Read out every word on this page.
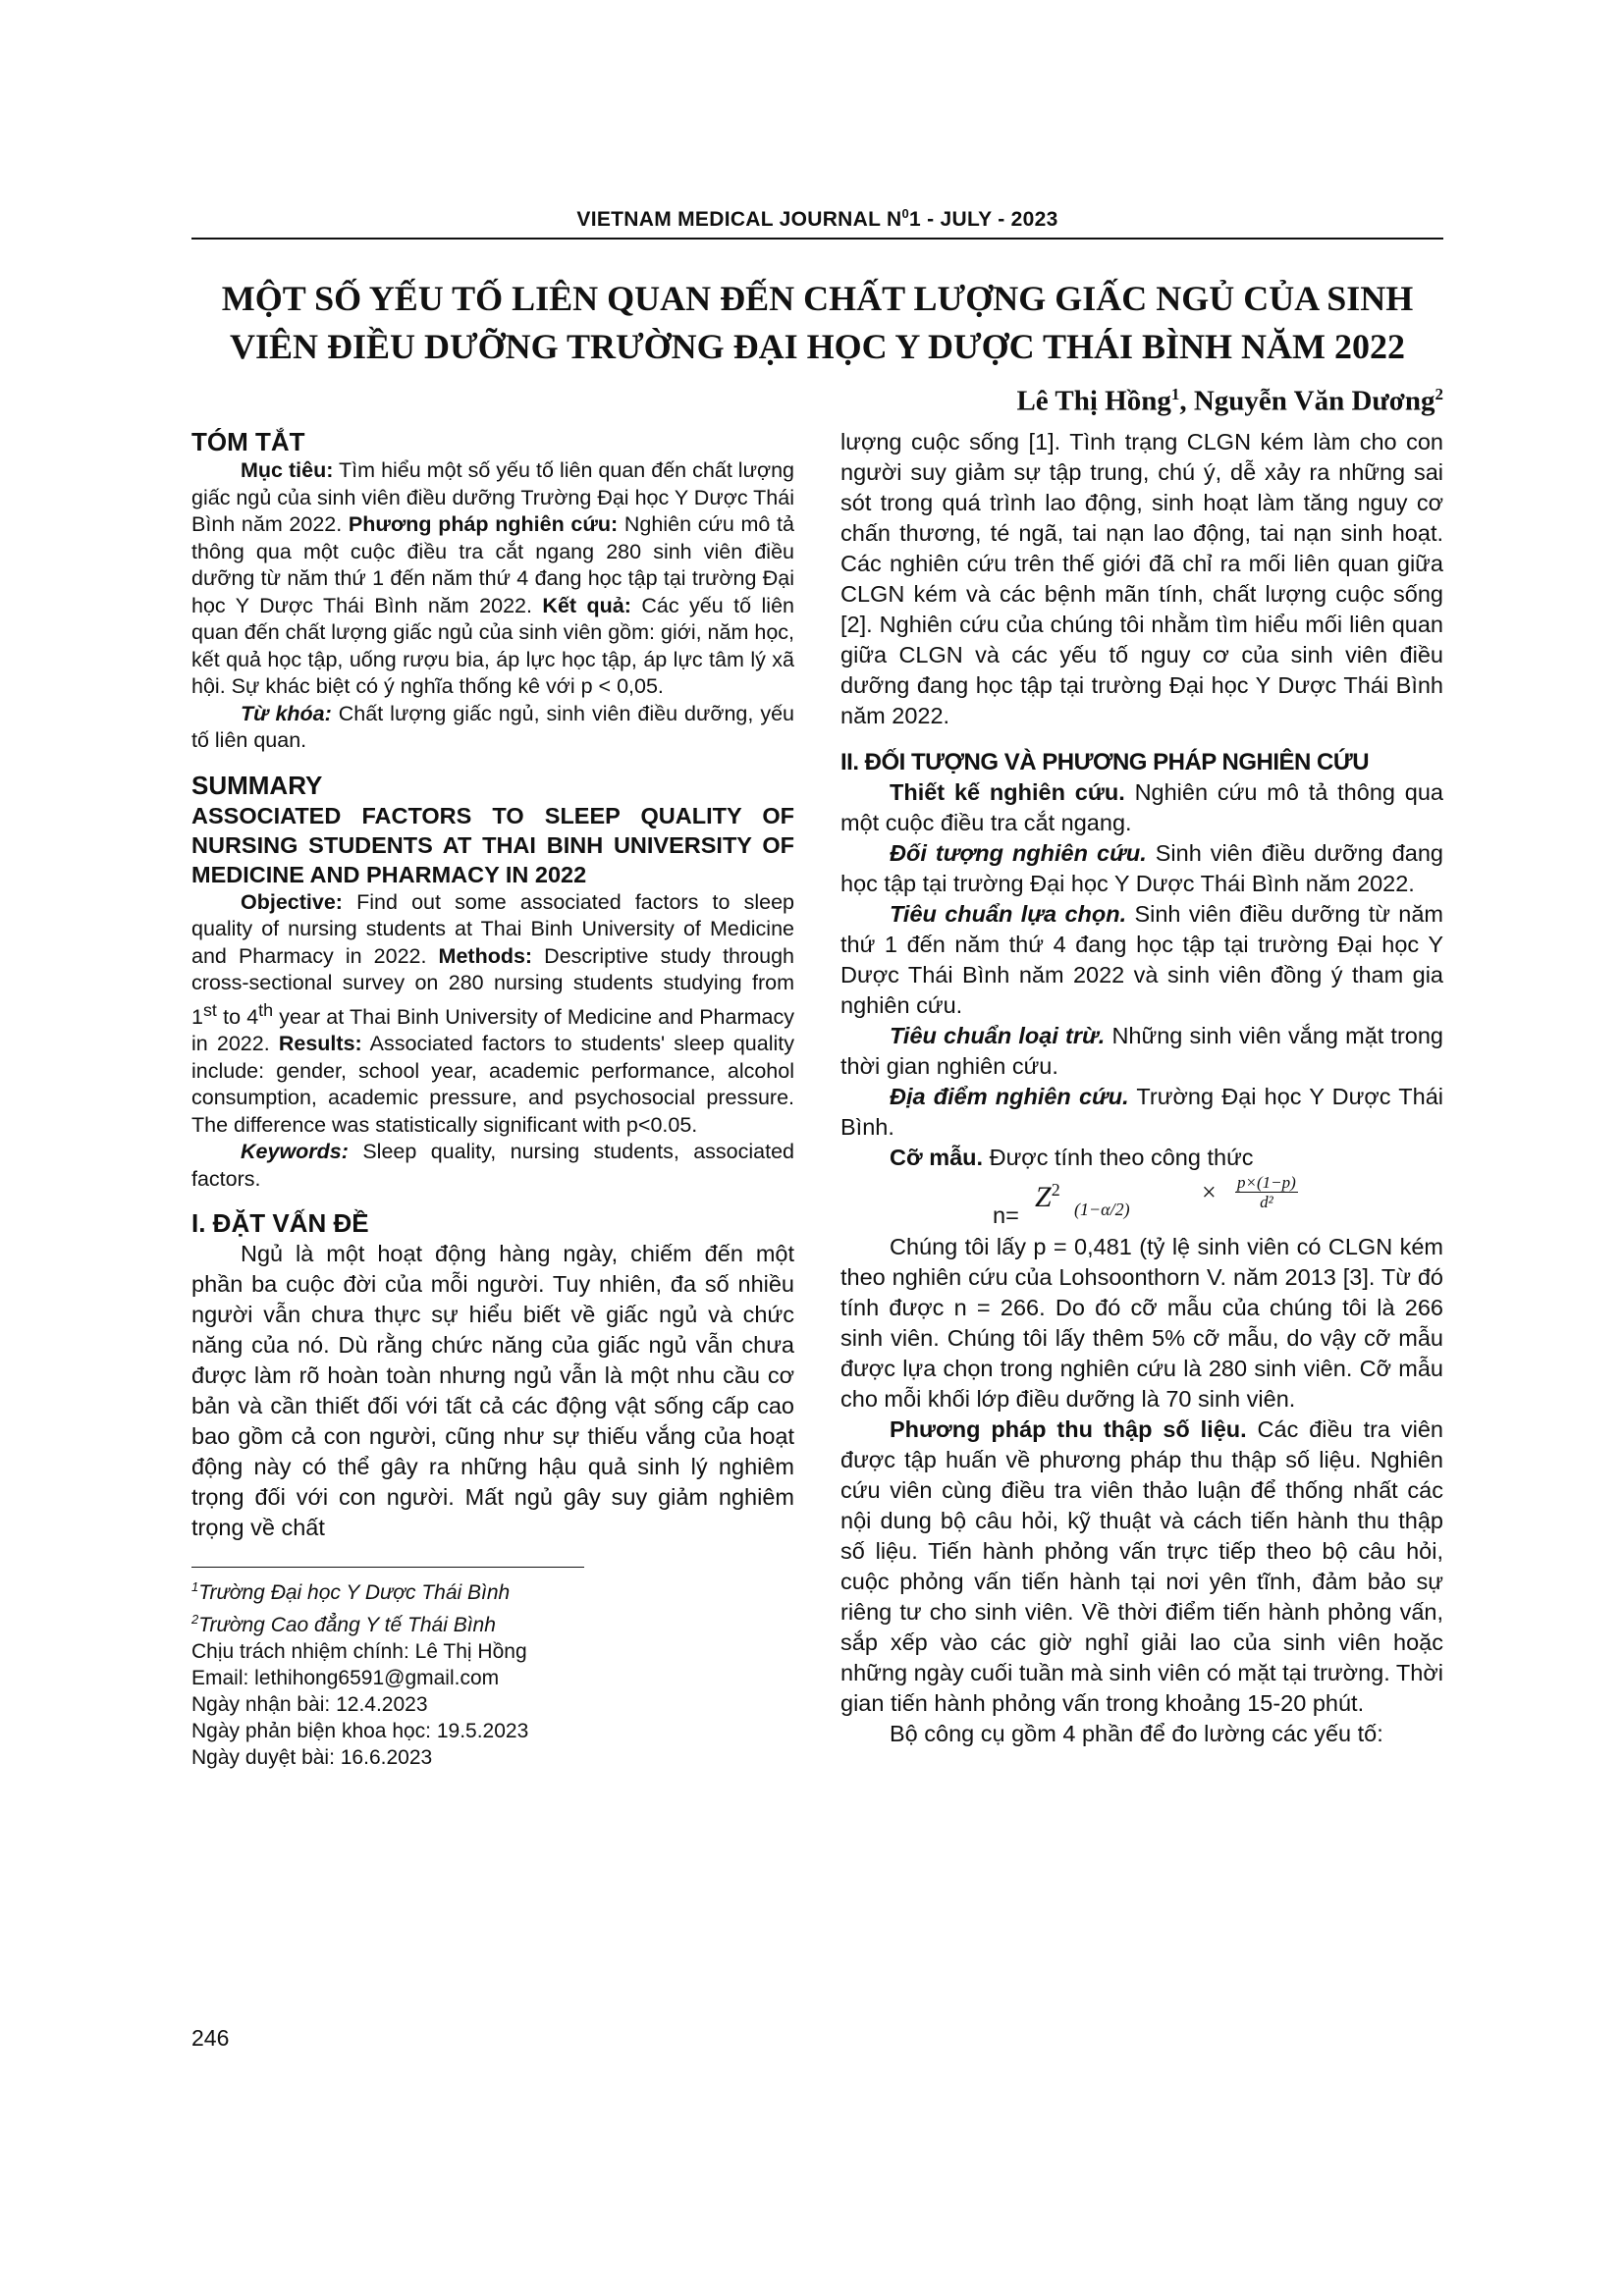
VIETNAM MEDICAL JOURNAL $N^01$ - JULY - 2023
MỘT SỐ YẾU TỐ LIÊN QUAN ĐẾN CHẤT LƯỢNG GIẤC NGỦ CỦA SINH
VIÊN ĐIỀU DƯỠNG TRƯỜNG ĐẠI HỌC Y DƯỢC THÁI BÌNH NĂM 2022
Lê Thị Hồng$^1$, Nguyễn Văn Dương$^2$

TÓM TẮT

Mục tiêu: Tìm hiểu một số yếu tố liên quan đến chất lượng giấc ngủ của sinh viên điều dưỡng Trường Đại học Y Dược Thái Bình năm 2022. Phương pháp nghiên cứu: Nghiên cứu mô tả thông qua một cuộc điều tra cắt ngang 280 sinh viên điều dưỡng từ năm thứ 1 đến năm thứ 4 đang học tập tại trường Đại học Y Dược Thái Bình năm 2022. Kết quả: Các yếu tố liên quan đến chất lượng giấc ngủ của sinh viên gồm: giới, năm học, kết quả học tập, uống rượu bia, áp lực học tập, áp lực tâm lý xã hội. Sự khác biệt có ý nghĩa thống kê với p < 0,05.

Từ khóa: Chất lượng giấc ngủ, sinh viên điều dưỡng, yếu tố liên quan.

SUMMARY

ASSOCIATED FACTORS TO SLEEP QUALITY OF NURSING STUDENTS AT THAI BINH UNIVERSITY OF MEDICINE AND PHARMACY IN 2022

Objective: Find out some associated factors to sleep quality of nursing students at Thai Binh University of Medicine and Pharmacy in 2022. Methods: Descriptive study through cross-sectional survey on 280 nursing students studying from 1st to 4th year at Thai Binh University of Medicine and Pharmacy in 2022. Results: Associated factors to students' sleep quality include: gender, school year, academic performance, alcohol consumption, academic pressure, and psychosocial pressure. The difference was statistically significant with p<0.05.

Keywords: Sleep quality, nursing students, associated factors.

I. ĐẶT VẤN ĐỀ

Ngủ là một hoạt động hàng ngày, chiếm đến một phần ba cuộc đời của mỗi người. Tuy nhiên, đa số nhiều người vẫn chưa thực sự hiểu biết về giấc ngủ và chức năng của nó. Dù rằng chức năng của giấc ngủ vẫn chưa được làm rõ hoàn toàn nhưng ngủ vẫn là một nhu cầu cơ bản và cần thiết đối với tất cả các động vật sống cấp cao bao gồm cả con người, cũng như sự thiếu vắng của hoạt động này có thể gây ra những hậu quả sinh lý nghiêm trọng đối với con người. Mất ngủ gây suy giảm nghiêm trọng về chất

$^1$Trường Đại học Y Dược Thái Bình
$^2$Trường Cao đẳng Y tế Thái Bình
Chịu trách nhiệm chính: Lê Thị Hồng
Email: lethihong6591@gmail.com
Ngày nhận bài: 12.4.2023
Ngày phản biện khoa học: 19.5.2023
Ngày duyệt bài: 16.6.2023

lượng cuộc sống [1]. Tình trạng CLGN kém làm cho con người suy giảm sự tập trung, chú ý, dễ xảy ra những sai sót trong quá trình lao động, sinh hoạt làm tăng nguy cơ chấn thương, té ngã, tai nạn lao động, tai nạn sinh hoạt. Các nghiên cứu trên thế giới đã chỉ ra mối liên quan giữa CLGN kém và các bệnh mãn tính, chất lượng cuộc sống [2]. Nghiên cứu của chúng tôi nhằm tìm hiểu mối liên quan giữa CLGN và các yếu tố nguy cơ của sinh viên điều dưỡng đang học tập tại trường Đại học Y Dược Thái Bình năm 2022.

II. ĐỐI TƯỢNG VÀ PHƯƠNG PHÁP NGHIÊN CỨU

Thiết kế nghiên cứu. Nghiên cứu mô tả thông qua một cuộc điều tra cắt ngang.

Đối tượng nghiên cứu. Sinh viên điều dưỡng đang học tập tại trường Đại học Y Dược Thái Bình năm 2022.

Tiêu chuẩn lựa chọn. Sinh viên điều dưỡng từ năm thứ 1 đến năm thứ 4 đang học tập tại trường Đại học Y Dược Thái Bình năm 2022 và sinh viên đồng ý tham gia nghiên cứu.

Tiêu chuẩn loại trừ. Những sinh viên vắng mặt trong thời gian nghiên cứu.

Địa điểm nghiên cứu. Trường Đại học Y Dược Thái Bình.

Cỡ mẫu. Được tính theo công thức

n=
$Z^2$
(1−α/2)
× $\frac{p\times(1-p)}{\text{d²}}$

Chúng tôi lấy p = 0,481 (tỷ lệ sinh viên có CLGN kém theo nghiên cứu của Lohsoonthorn V. năm 2013 [3]. Từ đó tính được n = 266. Do đó cỡ mẫu của chúng tôi là 266 sinh viên. Chúng tôi lấy thêm 5% cỡ mẫu, do vậy cỡ mẫu được lựa chọn trong nghiên cứu là 280 sinh viên. Cỡ mẫu cho mỗi khối lớp điều dưỡng là 70 sinh viên.

Phương pháp thu thập số liệu. Các điều tra viên được tập huấn về phương pháp thu thập số liệu. Nghiên cứu viên cùng điều tra viên thảo luận để thống nhất các nội dung bộ câu hỏi, kỹ thuật và cách tiến hành thu thập số liệu. Tiến hành phỏng vấn trực tiếp theo bộ câu hỏi, cuộc phỏng vấn tiến hành tại nơi yên tĩnh, đảm bảo sự riêng tư cho sinh viên. Về thời điểm tiến hành phỏng vấn, sắp xếp vào các giờ nghỉ giải lao của sinh viên hoặc những ngày cuối tuần mà sinh viên có mặt tại trường. Thời gian tiến hành phỏng vấn trong khoảng 15-20 phút.

Bộ công cụ gồm 4 phần để đo lường các yếu tố:

246
